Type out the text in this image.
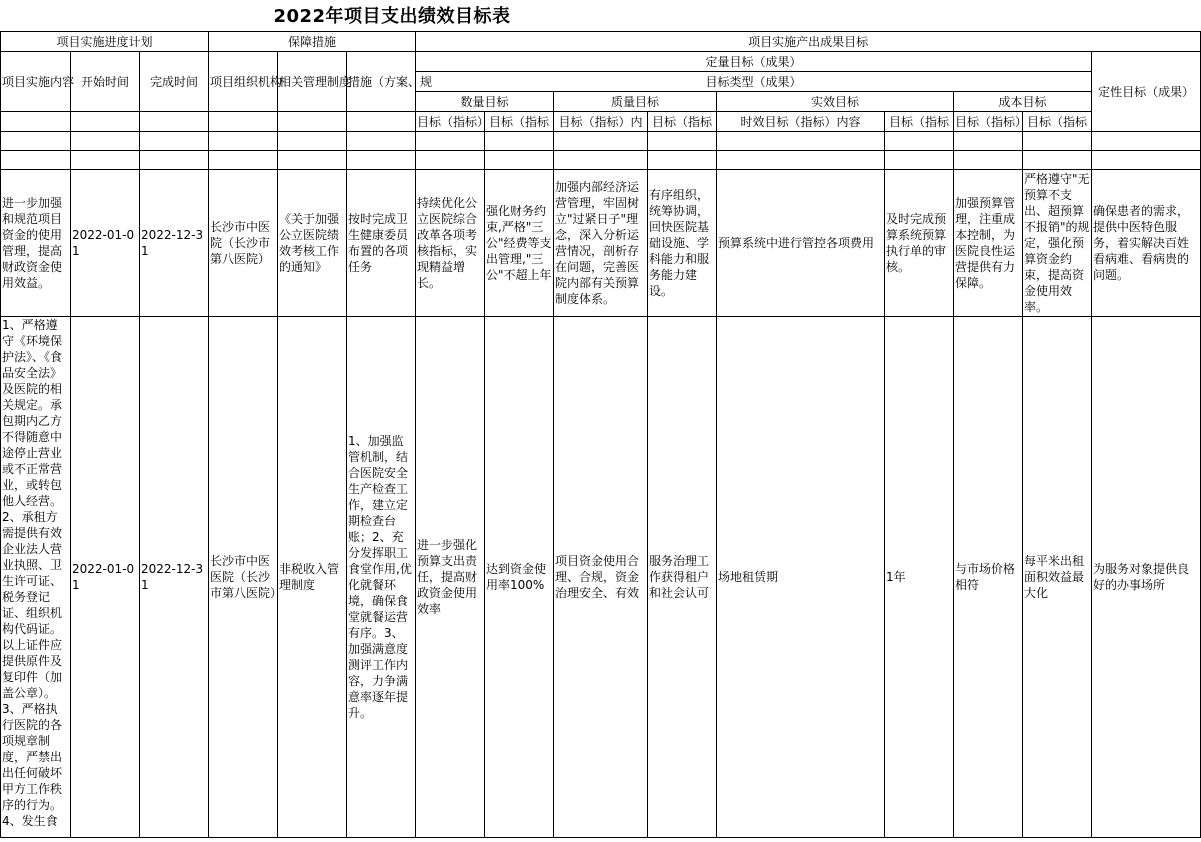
2022年项目支出绩效目标表
项目实施进度计划			保障措施			项目实施产出成果目标								
项目实施内容	开始时间	完成时间	项目组织机构	相关管理制度	措施（方案、规	定量目标（成果）								定性目标（成果）
						目标类型（成果）								
						数量目标		质量目标		实效目标		成本目标		
						目标（指标）	目标（指标	目标（指标）内	目标（指标	时效目标（指标）内容	目标（指标	目标（指标）	目标（指标	

进一步加强和规范项目资金的使用管理，提高财政资金使用效益。	2022-01-01	2022-12-31	长沙市中医院（长沙市第八医院）	《关于加强公立医院绩效考核工作的通知》	按时完成卫生健康委员布置的各项任务	持续优化公立医院综合改革各项考核指标，实现精益增长。	强化财务约束,严格"三公"经费等支出管理,"三公"不超上年	加强内部经济运营管理，牢固树立"过紧日子"理念，深入分析运营情况，剖析存在问题，完善医院内部有关预算制度体系。	有序组织，统筹协调，回快医院基础设施、学科能力和服务能力建设。	预算系统中进行管控各项费用	及时完成预算系统预算执行单的审核。	加强预算管理，注重成本控制，为医院良性运营提供有力保障。	严格遵守"无预算不支出、超预算不报销"的规定，强化预算资金约束，提高资金使用效率。	确保患者的需求，提供中医特色服务，着实解决百姓看病难、看病贵的问题。
1、严格遵守《环境保护法》、《食品安全法》及医院的相关规定。承包期内乙方不得随意中途停止营业或不正常营业，或转包他人经营。2、承租方需提供有效企业法人营业执照、卫生许可证、税务登记证、组织机构代码证。以上证件应提供原件及复印件（加盖公章）。3、严格执行医院的各项规章制度，严禁出出任何破坏甲方工作秩序的行为。4、发生食	2022-01-01	2022-12-31	长沙市中医医院（长沙市第八医院）	非税收入管理制度	1、加强监管机制，结合医院安全生产检查工作，建立定期检查台账；2、充分发挥职工食堂作用,优化就餐环境，确保食堂就餐运营有序。3、加强满意度测评工作内容，力争满意率逐年提升。	进一步强化预算支出责任，提高财政资金使用效率	达到资金使用率100%	项目资金使用合理、合规，资金治理安全、有效	服务治理工作获得租户和社会认可	场地租赁期	1年	与市场价格相符	每平米出租面积效益最大化	为服务对象提供良好的办事场所
